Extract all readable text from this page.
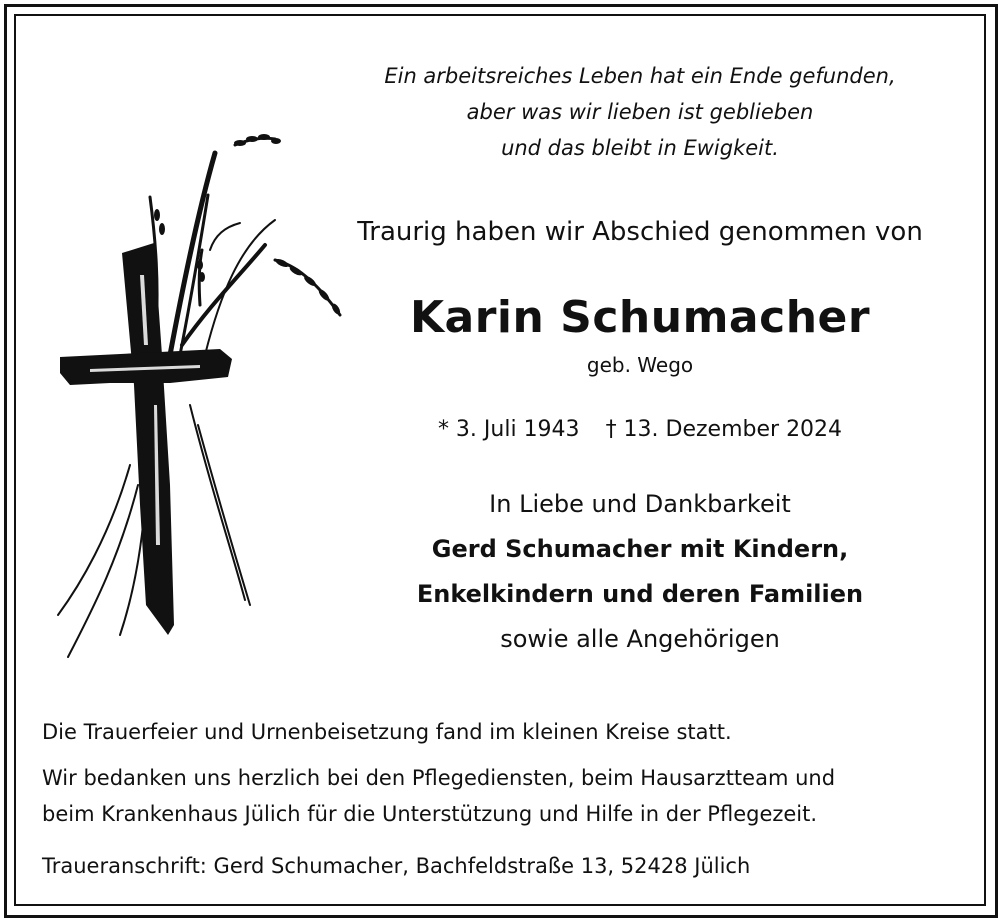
Ein arbeitsreiches Leben hat ein Ende gefunden,
aber was wir lieben ist geblieben
und das bleibt in Ewigkeit.
Traurig haben wir Abschied genommen von
Karin Schumacher
geb. Wego
* 3. Juli 1943 † 13. Dezember 2024
In Liebe und Dankbarkeit
Gerd Schumacher mit Kindern,
Enkelkindern und deren Familien
sowie alle Angehörigen
Die Trauerfeier und Urnenbeisetzung fand im kleinen Kreise statt.
Wir bedanken uns herzlich bei den Pflegediensten, beim Hausarztteam und
beim Krankenhaus Jülich für die Unterstützung und Hilfe in der Pflegezeit.
Traueranschrift: Gerd Schumacher, Bachfeldstraße 13, 52428 Jülich
